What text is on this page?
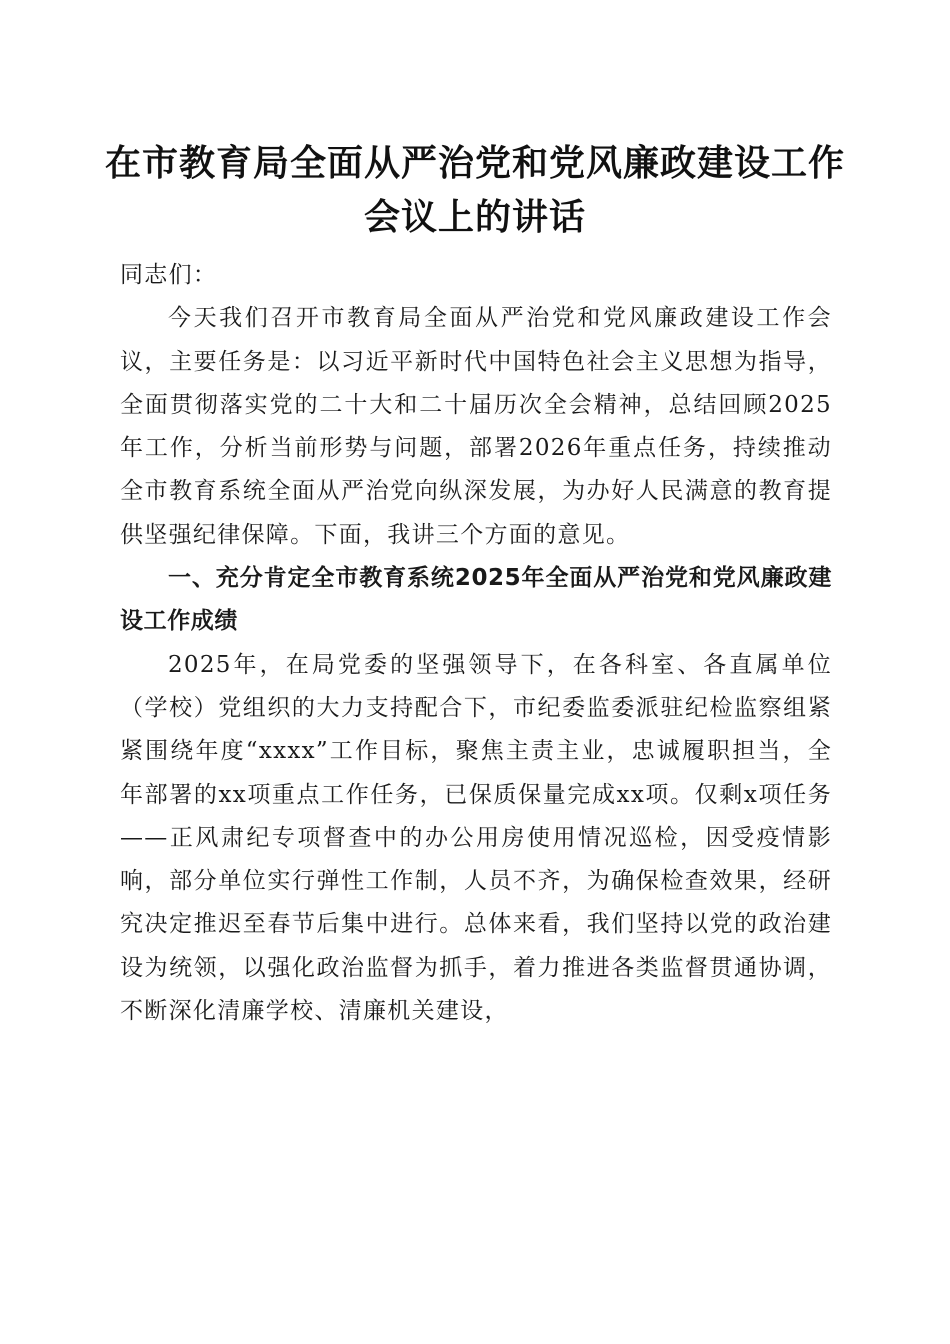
在市教育局全面从严治党和党风廉政建设工作
会议上的讲话

同志们：

今天我们召开市教育局全面从严治党和党风廉政建设工作会议，主要任务是：以习近平新时代中国特色社会主义思想为指导，全面贯彻落实党的二十大和二十届历次全会精神，总结回顾2025年工作，分析当前形势与问题，部署2026年重点任务，持续推动全市教育系统全面从严治党向纵深发展，为办好人民满意的教育提供坚强纪律保障。下面，我讲三个方面的意见。

一、充分肯定全市教育系统2025年全面从严治党和党风廉政建设工作成绩

2025年，在局党委的坚强领导下，在各科室、各直属单位（学校）党组织的大力支持配合下，市纪委监委派驻纪检监察组紧紧围绕年度“xxxx”工作目标，聚焦主责主业，忠诚履职担当，全年部署的xx项重点工作任务，已保质保量完成xx项。仅剩x项任务——正风肃纪专项督查中的办公用房使用情况巡检，因受疫情影响，部分单位实行弹性工作制，人员不齐，为确保检查效果，经研究决定推迟至春节后集中进行。总体来看，我们坚持以党的政治建设为统领，以强化政治监督为抓手，着力推进各类监督贯通协调，不断深化清廉学校、清廉机关建设，
